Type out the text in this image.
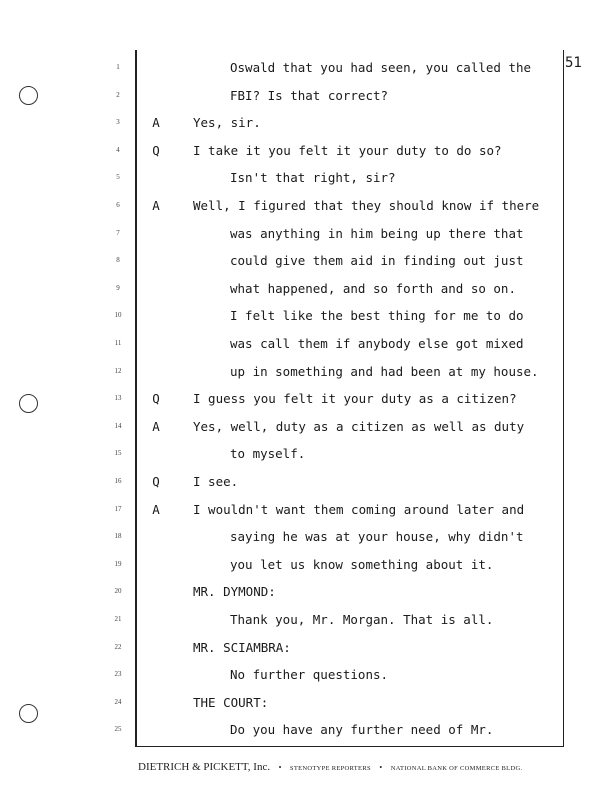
51
1	Oswald that you had seen, you called the
2	FBI? Is that correct?
3	A	Yes, sir.
4	Q	I take it you felt it your duty to do so?
5	Isn't that right, sir?
6	A	Well, I figured that they should know if there
7	was anything in him being up there that
8	could give them aid in finding out just
9	what happened, and so forth and so on.
10	I felt like the best thing for me to do
11	was call them if anybody else got mixed
12	up in something and had been at my house.
13	Q	I guess you felt it your duty as a citizen?
14	A	Yes, well, duty as a citizen as well as duty
15	to myself.
16	Q	I see.
17	A	I wouldn't want them coming around later and
18	saying he was at your house, why didn't
19	you let us know something about it.
20	MR. DYMOND:
21	Thank you, Mr. Morgan. That is all.
22	MR. SCIAMBRA:
23	No further questions.
24	THE COURT:
25	Do you have any further need of Mr.
DIETRICH & PICKETT, Inc. • STENOTYPE REPORTERS • NATIONAL BANK OF COMMERCE BLDG.
